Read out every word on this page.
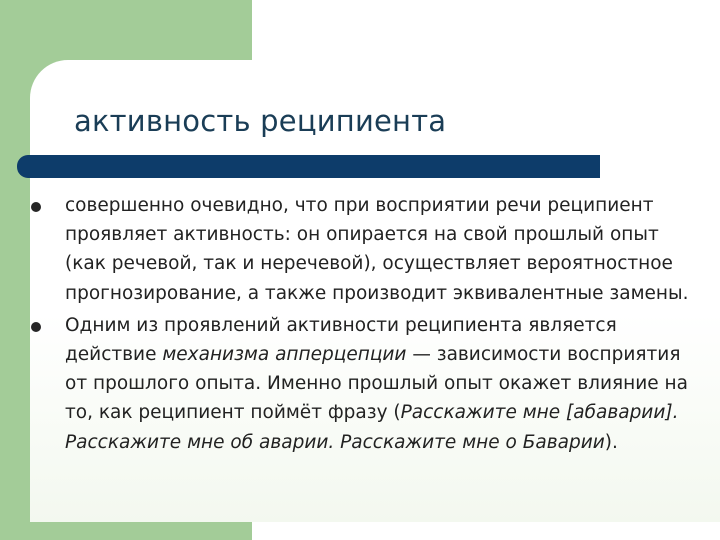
активность реципиента
совершенно очевидно, что при восприятии речи реципиент проявляет активность: он опирается на свой прошлый опыт (как речевой, так и неречевой), осуществляет вероятностное прогнозирование, а также производит эквивалентные замены.
Одним из проявлений активности реципиента является действие механизма апперцепции — зависимости восприятия от прошлого опыта. Именно прошлый опыт окажет влияние на то, как реципиент поймёт фразу (Расскажите мне [абаварии]. Расскажите мне об аварии. Расскажите мне о Баварии).
